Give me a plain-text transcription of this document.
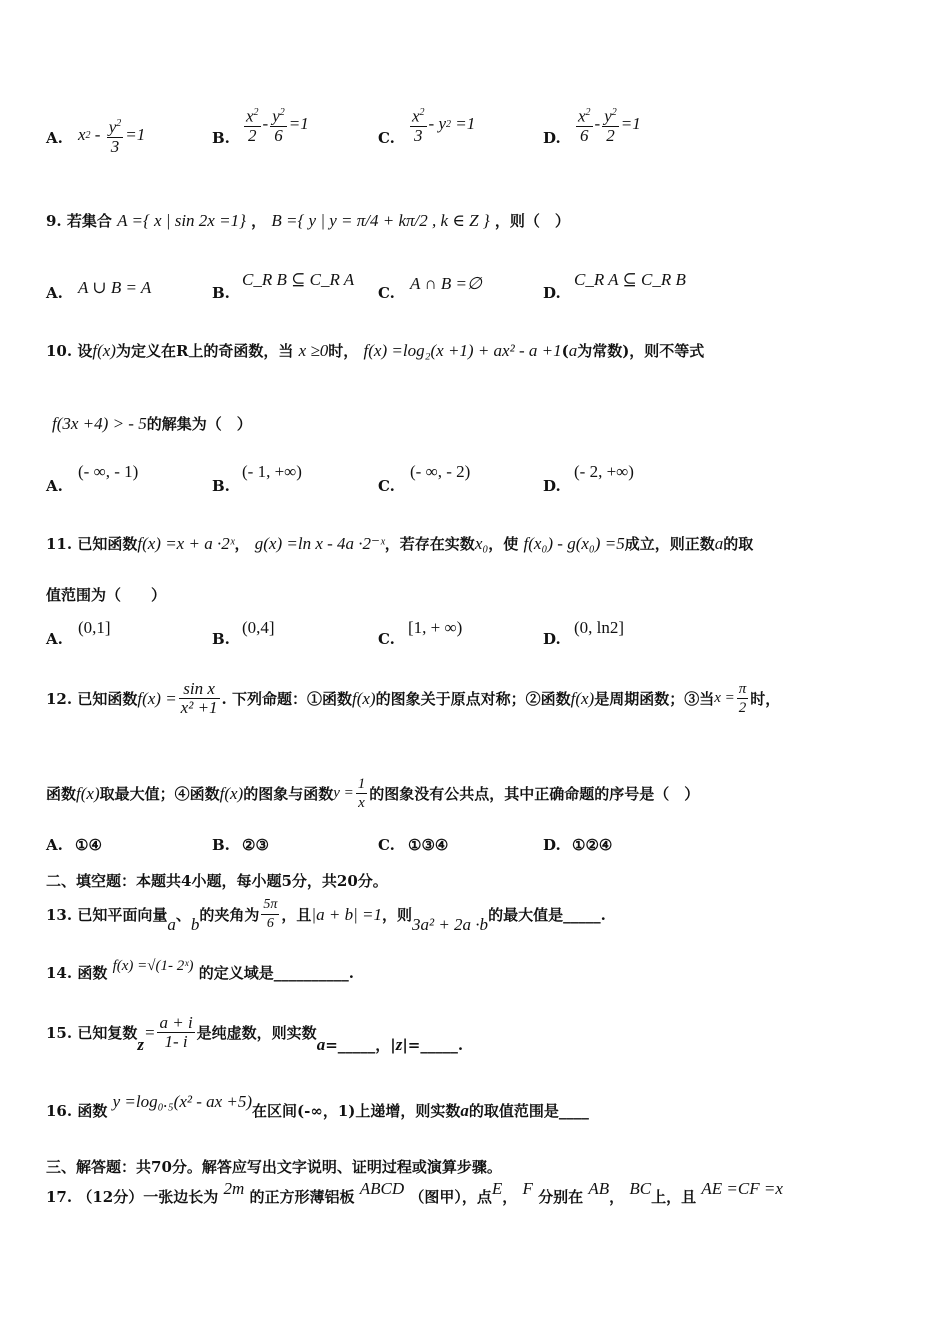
A. x $2 - \frac{y^2}{3} =1$	B. $\frac{x^2}{2} - \frac{y^2}{6} =1$
C. $\frac{x^2}{3}$ - y 2 =1
D. $\frac{x^2}{6} - \frac{y^2}{2} =1$
9. 若集合 A ={ x | sin 2x =1} ， B ={ y | y = π/4 + kπ/2 , k ∈ Z } ，则（　）
A. A ∪ B = A	B.
C_R B ⊆ C_R A
C. A ∩ B =∅	D.
C_R A ⊆ C_R B
10. 设f(x)为定义在R上的奇函数，当 x ≥0时， f(x) =log₂(x +1) + ax² - a +1(a为常数)，则不等式
f(3x +4) > - 5的解集为（　）
A.
(- ∞, - 1)
B.
(- 1, +∞)
C.
(- ∞, - 2)
D.
(- 2, +∞)
11. 已知函数f(x) =x + a ·2ˣ， g(x) =ln x - 4a ·2⁻ˣ，若存在实数x₀，使 f(x₀) - g(x₀) =5成立，则正数a的取
值范围为（　　）
A.
(0,1]
B.
(0,4]
C.
[1, + ∞)
D.
(0, ln2]
12.
已知函数 $f(x) = \frac{\text{sin x}}{\text{x² +1}}$ . 下列命题：①函数 f(x) 的图象关于原点对称；②函数 f(x) 是周期函数；③当 $x = \frac{\pi}{2}$ 时，
函数 f(x) 取最大值；④函数 f(x) 的图象与函数 $y = \frac{1}{x}$ 的图象没有公共点，其中正确命题的序号是（　）
A. ①④	B. ②③	C. ①③④	D. ①②④
二、填空题：本题共4小题，每小题5分，共20分。
13.
已知平面向量 a 、 b 的夹角为 $\frac{5\pi}{6}$ ，且 |a + b| =1 ，则 3a² + 2a ·b 的最大值是_____.
14. 函数 f(x) =√(1- 2ˣ) 的定义域是__________.
15.
已知复数
z
= $\frac{a + i}{1- i}$ 是纯虚数，则实数
a =_____，| z |=_____.
16. 函数 y =log₀.₅(x² - ax +5)在区间(-∞，1)上递增，则实数a的取值范围是____
三、解答题：共70分。解答应写出文字说明、证明过程或演算步骤。
17. （12分）一张边长为 2m 的正方形薄铝板 ABCD （图甲），点E， F 分别在 AB， BC上，且 AE =CF =x
